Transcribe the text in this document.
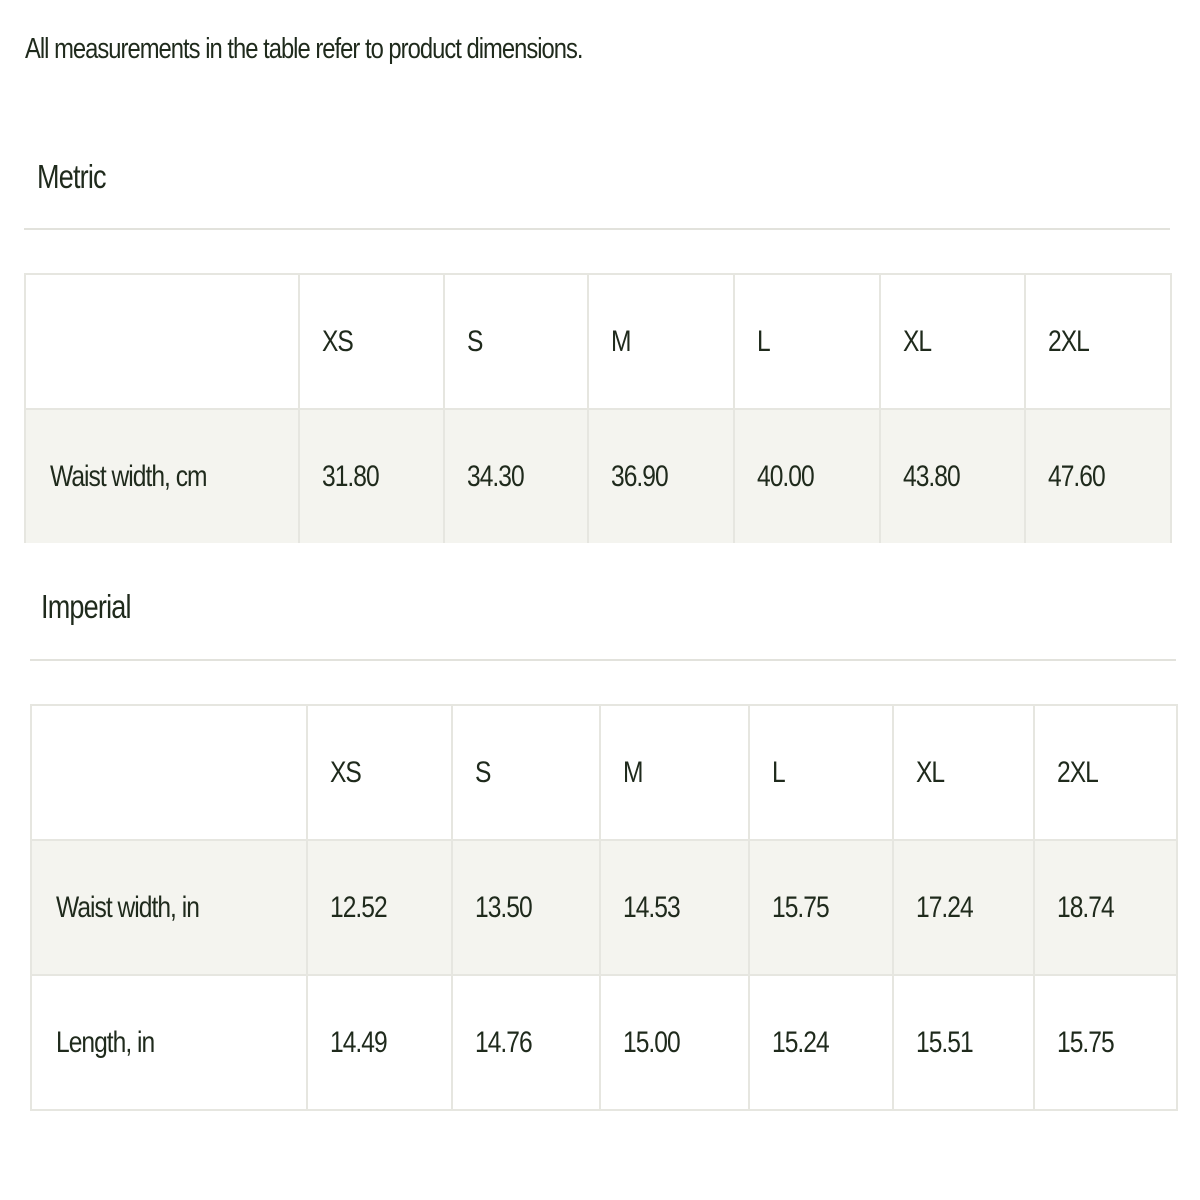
All measurements in the table refer to product dimensions.

Metric
	XS	S	M	L	XL	2XL
Waist width, cm	31.80	34.30	36.90	40.00	43.80	47.60
Imperial
	XS	S	M	L	XL	2XL
Waist width, in	12.52	13.50	14.53	15.75	17.24	18.74
Length, in	14.49	14.76	15.00	15.24	15.51	15.75
